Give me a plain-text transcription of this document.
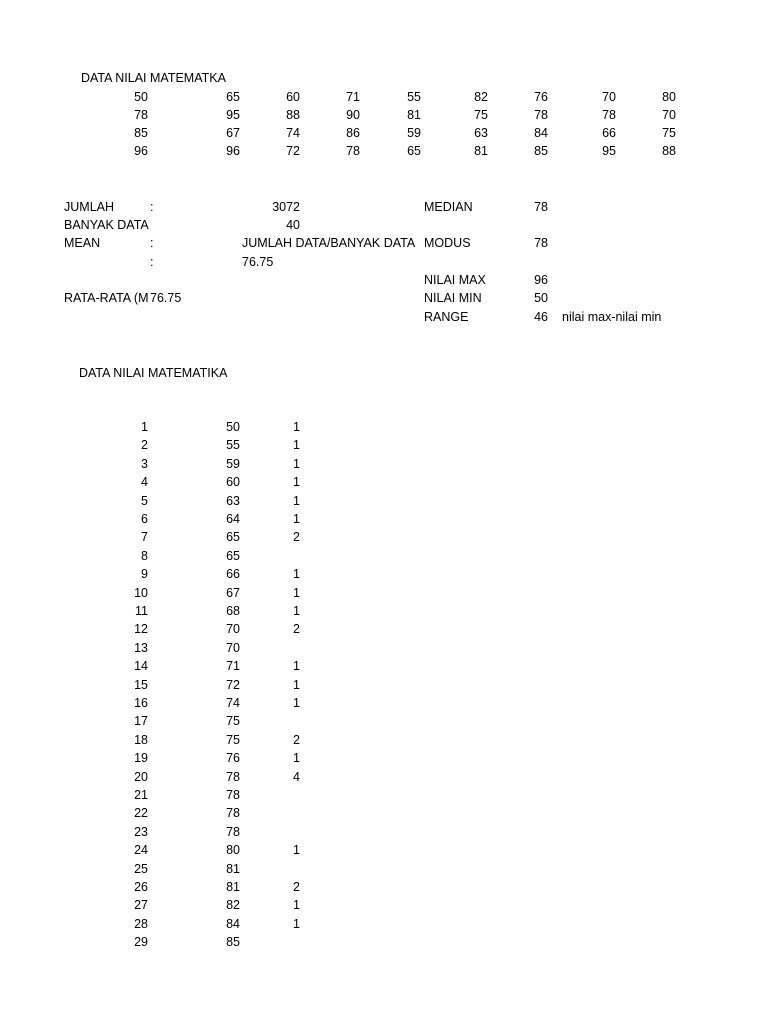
DATA NILAI MATEMATKA
50	65	60	71	55	82	76	70	80
78	95	88	90	81	75	78	78	70
85	67	74	86	59	63	84	66	75
96	96	72	78	65	81	85	95	88
JUMLAH	:	3072
BANYAK DATA	40
MEAN	:	JUMLAH DATA/BANYAK DATA
:	76.75
RATA-RATA (M 76.75
MEDIAN	78
MODUS	78
NILAI MAX	96
NILAI MIN	50
RANGE	46 nilai max-nilai min
DATA NILAI MATEMATIKA
1	50	1
2	55	1
3	59	1
4	60	1
5	63	1
6	64	1
7	65	2
8	65
9	66	1
10	67	1
11	68	1
12	70	2
13	70
14	71	1
15	72	1
16	74	1
17	75
18	75	2
19	76	1
20	78	4
21	78
22	78
23	78
24	80	1
25	81
26	81	2
27	82	1
28	84	1
29	85
